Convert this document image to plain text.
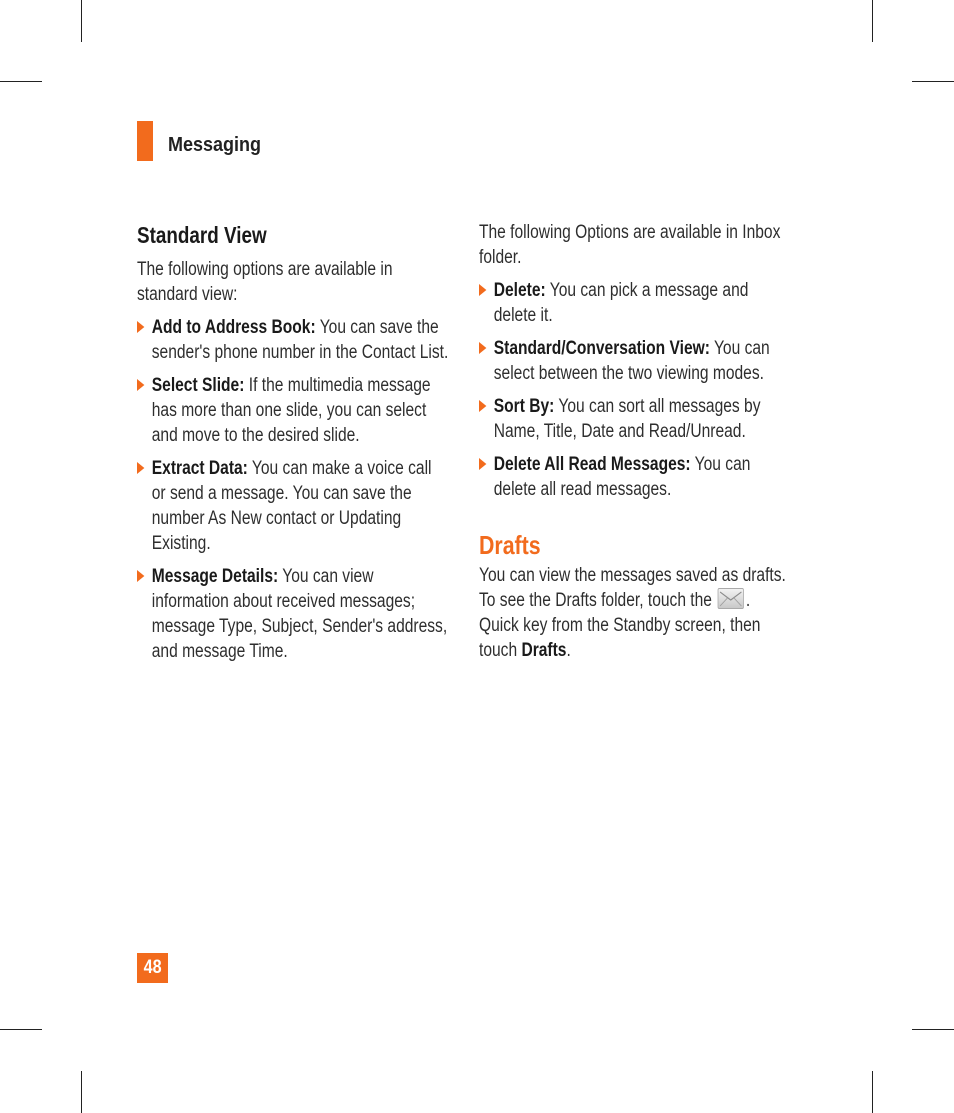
Messaging
Standard View

The following options are available in standard view:

Add to Address Book: You can save the sender's phone number in the Contact List.
Select Slide: If the multimedia message has more than one slide, you can select and move to the desired slide.
Extract Data: You can make a voice call or send a message. You can save the number As New contact or Updating Existing.
Message Details: You can view information about received messages; message Type, Subject, Sender's address, and message Time.

The following Options are available in Inbox folder.

Delete: You can pick a message and delete it.
Standard/Conversation View: You can select between the two viewing modes.
Sort By: You can sort all messages by Name, Title, Date and Read/Unread.
Delete All Read Messages: You can delete all read messages.
Drafts

You can view the messages saved as drafts. To see the Drafts folder, touch the
. Quick key from the Standby screen, then touch Drafts.

48
